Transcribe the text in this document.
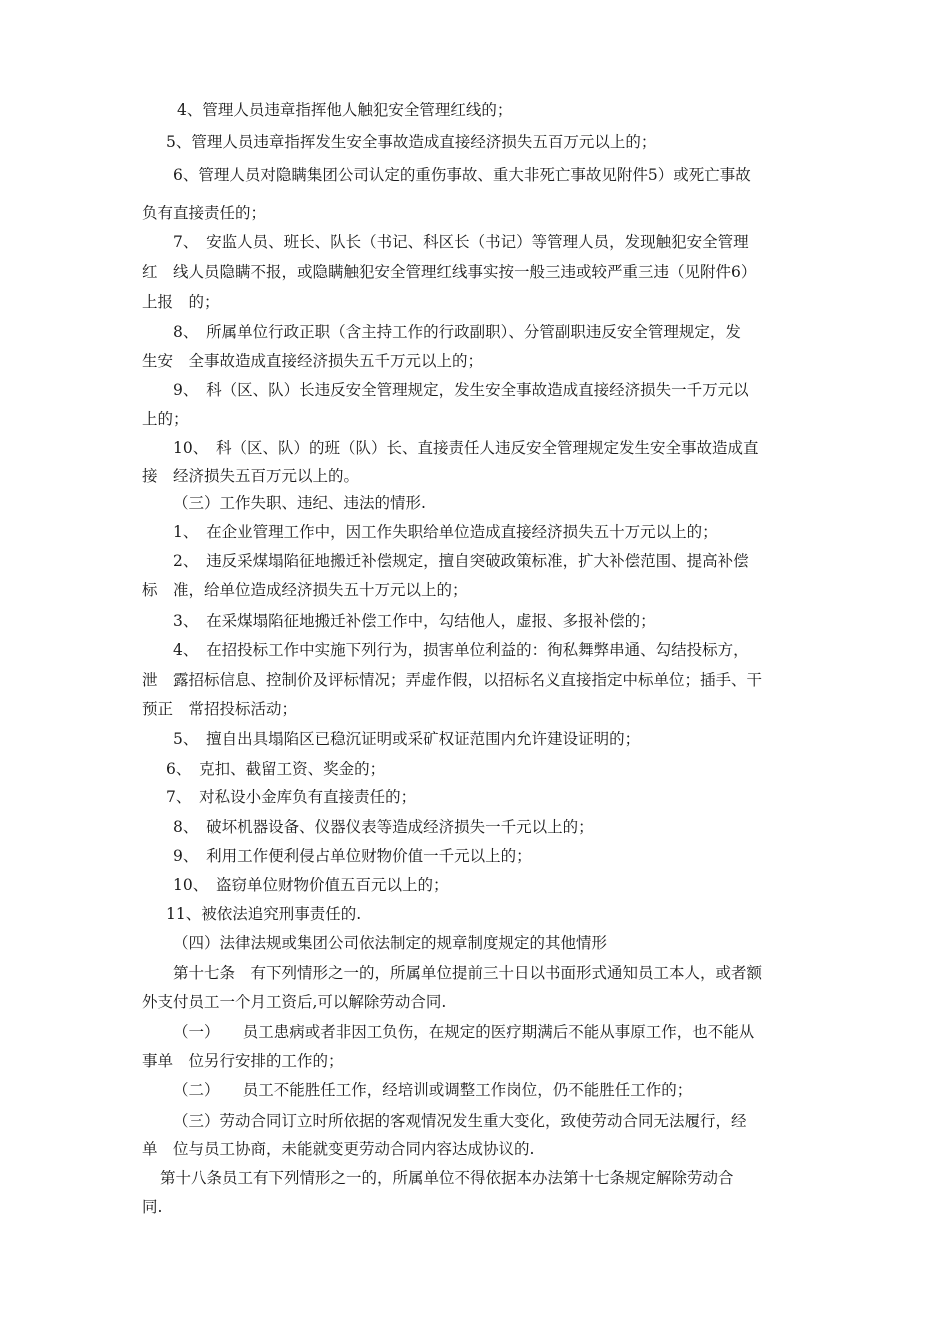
4、管理人员违章指挥他人触犯安全管理红线的；
5、管理人员违章指挥发生安全事故造成直接经济损失五百万元以上的；
6、管理人员对隐瞒集团公司认定的重伤事故、重大非死亡事故见附件5）或死亡事故
负有直接责任的；
7、　安监人员、班长、队长（书记、科区长（书记）等管理人员，发现触犯安全管理
红　线人员隐瞒不报，或隐瞒触犯安全管理红线事实按一般三违或较严重三违（见附件6）
上报　的；
8、　所属单位行政正职（含主持工作的行政副职）、分管副职违反安全管理规定，发
生安　全事故造成直接经济损失五千万元以上的；
9、　科（区、队）长违反安全管理规定，发生安全事故造成直接经济损失一千万元以
上的；
10、　科（区、队）的班（队）长、直接责任人违反安全管理规定发生安全事故造成直
接　经济损失五百万元以上的。
（三）工作失职、违纪、违法的情形.
1、　在企业管理工作中，因工作失职给单位造成直接经济损失五十万元以上的；
2、　违反采煤塌陷征地搬迁补偿规定，擅自突破政策标准，扩大补偿范围、提高补偿
标　准，给单位造成经济损失五十万元以上的；
3、　在采煤塌陷征地搬迁补偿工作中，勾结他人，虚报、多报补偿的；
4、　在招投标工作中实施下列行为，损害单位利益的：徇私舞弊串通、勾结投标方，
泄　露招标信息、控制价及评标情况；弄虚作假，以招标名义直接指定中标单位；插手、干
预正　常招投标活动；
5、　擅自出具塌陷区已稳沉证明或采矿权证范围内允许建设证明的；
6、　克扣、截留工资、奖金的；
7、　对私设小金库负有直接责任的；
8、　破坏机器设备、仪器仪表等造成经济损失一千元以上的；
9、　利用工作便利侵占单位财物价值一千元以上的；
10、　盗窃单位财物价值五百元以上的；
11、被依法追究刑事责任的.
（四）法律法规或集团公司依法制定的规章制度规定的其他情形
第十七条　有下列情形之一的，所属单位提前三十日以书面形式通知员工本人，或者额
外支付员工一个月工资后,可以解除劳动合同.
（一）　　员工患病或者非因工负伤，在规定的医疗期满后不能从事原工作，也不能从
事单　位另行安排的工作的；
（二）　　员工不能胜任工作，经培训或调整工作岗位，仍不能胜任工作的；
（三）劳动合同订立时所依据的客观情况发生重大变化，致使劳动合同无法履行，经
单　位与员工协商，未能就变更劳动合同内容达成协议的.
第十八条员工有下列情形之一的，所属单位不得依据本办法第十七条规定解除劳动合
同.
